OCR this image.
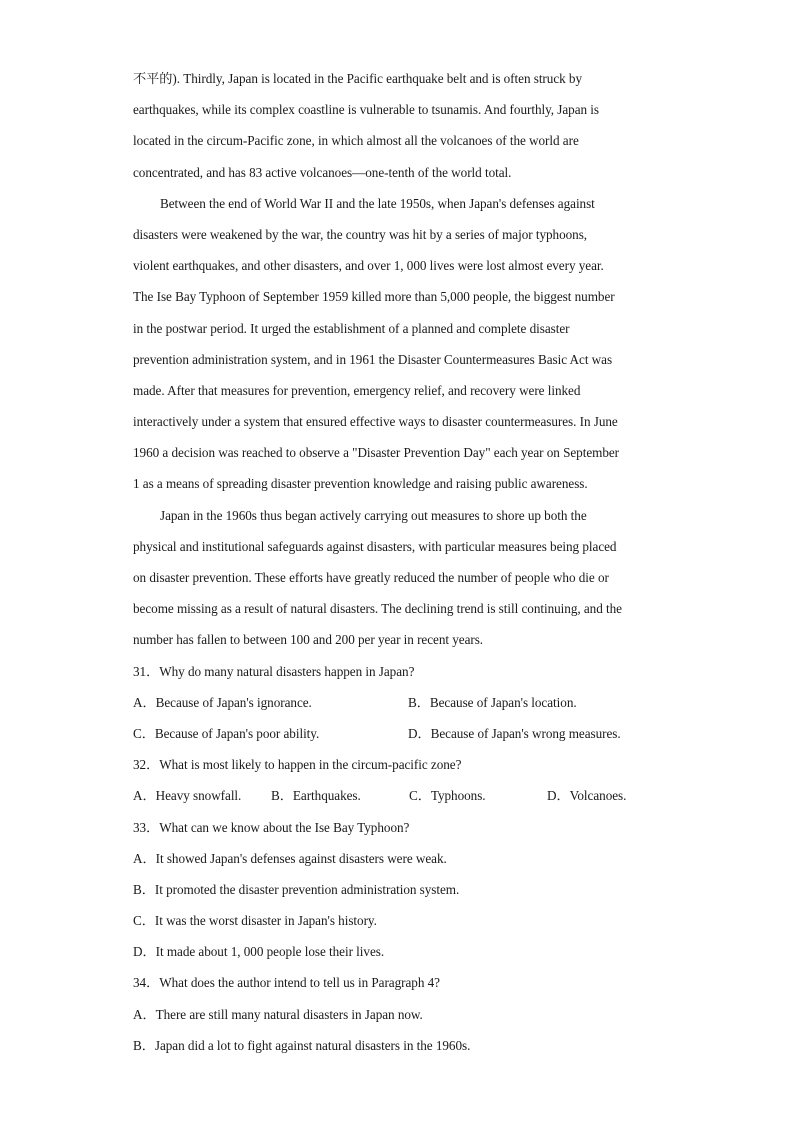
不平的). Thirdly, Japan is located in the Pacific earthquake belt and is often struck by
earthquakes, while its complex coastline is vulnerable to tsunamis. And fourthly, Japan is
located in the circum-Pacific zone, in which almost all the volcanoes of the world are
concentrated, and has 83 active volcanoes—one-tenth of the world total.
Between the end of World War II and the late 1950s, when Japan's defenses against
disasters were weakened by the war, the country was hit by a series of major typhoons,
violent earthquakes, and other disasters, and over 1, 000 lives were lost almost every year.
The Ise Bay Typhoon of September 1959 killed more than 5,000 people, the biggest number
in the postwar period. It urged the establishment of a planned and complete disaster
prevention administration system, and in 1961 the Disaster Countermeasures Basic Act was
made. After that measures for prevention, emergency relief, and recovery were linked
interactively under a system that ensured effective ways to disaster countermeasures. In June
1960 a decision was reached to observe a "Disaster Prevention Day" each year on September
1 as a means of spreading disaster prevention knowledge and raising public awareness.
Japan in the 1960s thus began actively carrying out measures to shore up both the
physical and institutional safeguards against disasters, with particular measures being placed
on disaster prevention. These efforts have greatly reduced the number of people who die or
become missing as a result of natural disasters. The declining trend is still continuing, and the
number has fallen to between 100 and 200 per year in recent years.
31．Why do many natural disasters happen in Japan?
A．Because of Japan's ignorance.	B．Because of Japan's location.
C．Because of Japan's poor ability.	D．Because of Japan's wrong measures.
32．What is most likely to happen in the circum-pacific zone?
A．Heavy snowfall. B．Earthquakes.	C．Typhoons.	D．Volcanoes.
33．What can we know about the Ise Bay Typhoon?
A．It showed Japan's defenses against disasters were weak.
B．It promoted the disaster prevention administration system.
C．It was the worst disaster in Japan's history.
D．It made about 1, 000 people lose their lives.
34．What does the author intend to tell us in Paragraph 4?
A．There are still many natural disasters in Japan now.
B．Japan did a lot to fight against natural disasters in the 1960s.
